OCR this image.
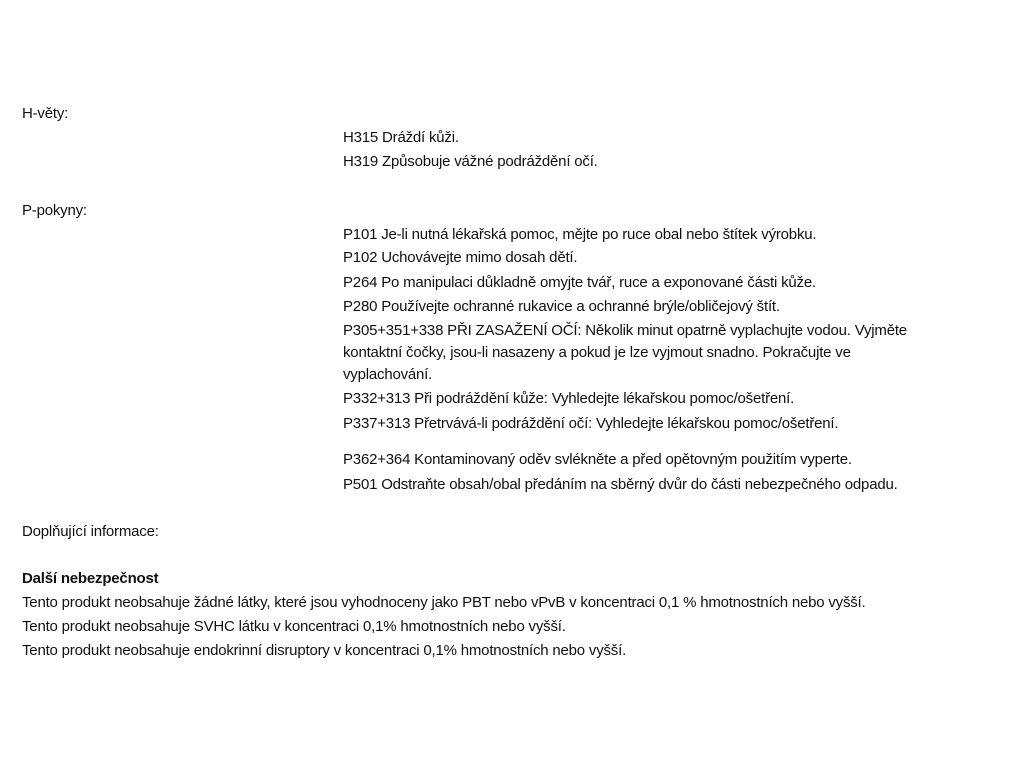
H-věty:
H315 Dráždí kůži.
H319 Způsobuje vážné podráždění očí.
P-pokyny:
P101 Je-li nutná lékařská pomoc, mějte po ruce obal nebo štítek výrobku.
P102 Uchovávejte mimo dosah dětí.
P264 Po manipulaci důkladně omyjte tvář, ruce a exponované části kůže.
P280 Používejte ochranné rukavice a ochranné brýle/obličejový štít.
P305+351+338 PŘI ZASAŽENÍ OČÍ: Několik minut opatrně vyplachujte vodou. Vyjměte
kontaktní čočky, jsou-li nasazeny a pokud je lze vyjmout snadno. Pokračujte ve
vyplachování.
P332+313 Při podráždění kůže: Vyhledejte lékařskou pomoc/ošetření.
P337+313 Přetrvává-li podráždění očí: Vyhledejte lékařskou pomoc/ošetření.
P362+364 Kontaminovaný oděv svlékněte a před opětovným použitím vyperte.
P501 Odstraňte obsah/obal předáním na sběrný dvůr do části nebezpečného odpadu.
Doplňující informace:
Další nebezpečnost
Tento produkt neobsahuje žádné látky, které jsou vyhodnoceny jako PBT nebo vPvB v koncentraci 0,1 % hmotnostních nebo vyšší.
Tento produkt neobsahuje SVHC látku v koncentraci 0,1% hmotnostních nebo vyšší.
Tento produkt neobsahuje endokrinní disruptory v koncentraci 0,1% hmotnostních nebo vyšší.
